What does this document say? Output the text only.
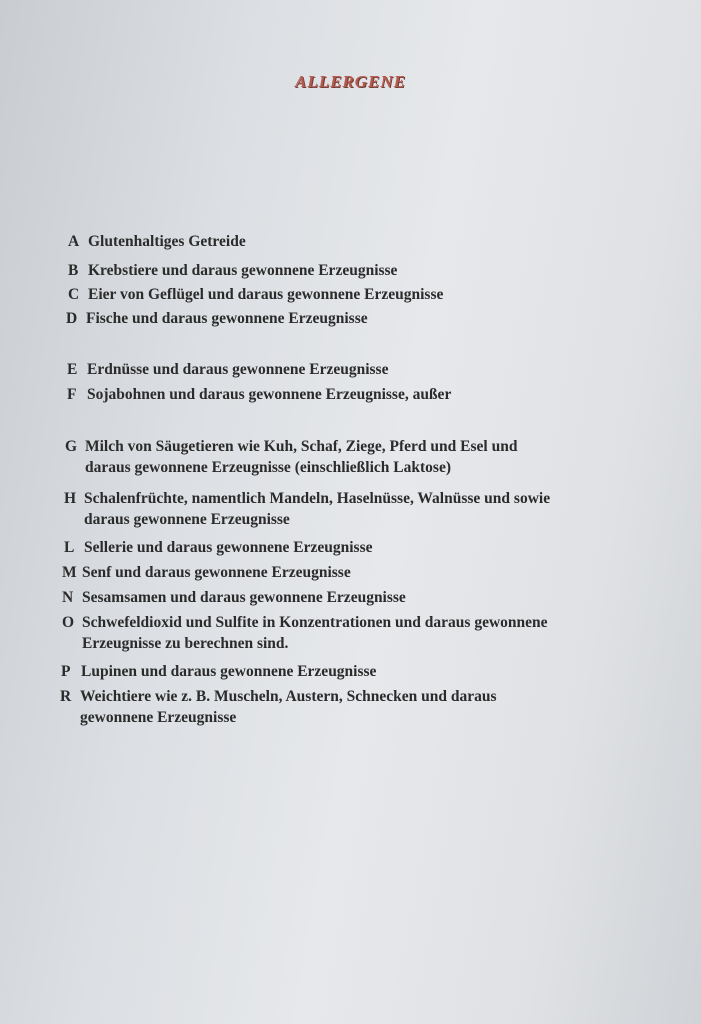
ALLERGENE
A Glutenhaltiges Getreide
B Krebstiere und daraus gewonnene Erzeugnisse
C Eier von Geflügel und daraus gewonnene Erzeugnisse
D Fische und daraus gewonnene Erzeugnisse
E Erdnüsse und daraus gewonnene Erzeugnisse
F Sojabohnen und daraus gewonnene Erzeugnisse, außer
G Milch von Säugetieren wie Kuh, Schaf, Ziege, Pferd und Esel und
daraus gewonnene Erzeugnisse (einschließlich Laktose)
H Schalenfrüchte, namentlich Mandeln, Haselnüsse, Walnüsse und sowie
daraus gewonnene Erzeugnisse
L Sellerie und daraus gewonnene Erzeugnisse
M Senf und daraus gewonnene Erzeugnisse
N Sesamsamen und daraus gewonnene Erzeugnisse
O Schwefeldioxid und Sulfite in Konzentrationen und daraus gewonnene
Erzeugnisse zu berechnen sind.
P Lupinen und daraus gewonnene Erzeugnisse
R Weichtiere wie z. B. Muscheln, Austern, Schnecken und daraus
gewonnene Erzeugnisse
